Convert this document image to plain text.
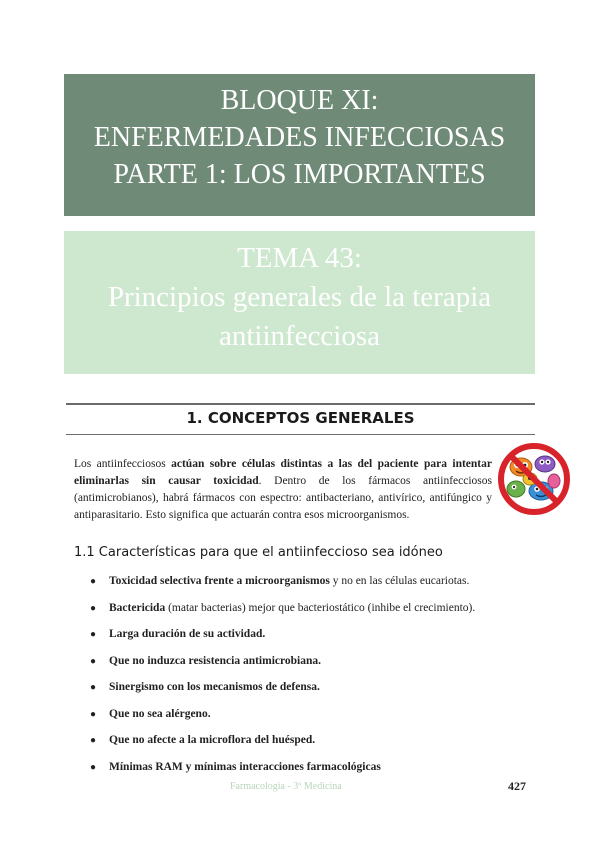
BLOQUE XI:
ENFERMEDADES INFECCIOSAS
PARTE 1: LOS IMPORTANTES
TEMA 43:
Principios generales de la terapia
antiinfecciosa
1. CONCEPTOS GENERALES

Los antiinfecciosos actúan sobre células distintas a las del paciente para intentar eliminarlas sin causar toxicidad. Dentro de los fármacos antiinfecciosos (antimicrobianos), habrá fármacos con espectro: antibacteriano, antivírico, antifúngico y antiparasitario. Esto significa que actuarán contra esos microorganismos.

1.1 Características para que el antiinfeccioso sea idóneo
●	Toxicidad selectiva frente a microorganismos y no en las células eucariotas.
●	Bactericida (matar bacterias) mejor que bacteriostático (inhibe el crecimiento).
●	Larga duración de su actividad.
●	Que no induzca resistencia antimicrobiana.
●	Sinergismo con los mecanismos de defensa.
●	Que no sea alérgeno.
●	Que no afecte a la microflora del huésped.
●	Mínimas RAM y mínimas interacciones farmacológicas
Farmacología - 3º Medicina	427
